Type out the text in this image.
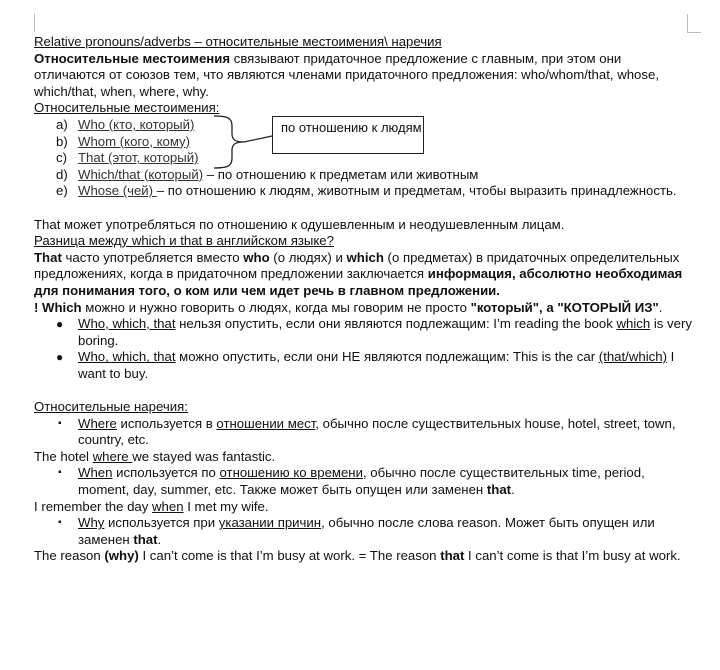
Relative pronouns/adverbs – относительные местоимения\ наречия

Относительные местоимения связывают придаточное предложение с главным, при этом они отличаются от союзов тем, что являются членами придаточного предложения: who/whom/that, whose, which/that, when, where, why.

Относительные местоимения:

a) Who (кто, который)
b) Whom (кого, кому)
c) That (этот, который)
d) Which/that (который) – по отношению к предметам или животным
e) Whose (чей) – по отношению к людям, животным и предметам, чтобы выразить принадлежность.

That может употребляться по отношению к одушевленным и неодушевленным лицам.

Разница между which и that в английском языке?

That часто употребляется вместо who (о людях) и which (о предметах) в придаточных определительных предложениях, когда в придаточном предложении заключается информация, абсолютно необходимая для понимания того, о ком или чем идет речь в главном предложении.

! Which можно и нужно говорить о людях, когда мы говорим не просто "который", а "КОТОРЫЙ ИЗ".

● Who, which, that нельзя опустить, если они являются подлежащим: I’m reading the book which is very boring.
● Who, which, that можно опустить, если они НЕ являются подлежащим: This is the car (that/which) I want to buy.

Относительные наречия:

▪ Where используется в отношении мест, обычно после существительных house, hotel, street, town, country, etc.

The hotel where we stayed was fantastic.

▪ When используется по отношению ко времени, обычно после существительных time, period, moment, day, summer, etc. Также может быть опущен или заменен that.

I remember the day when I met my wife.

▪ Why используется при указании причин, обычно после слова reason. Может быть опущен или заменен that.

The reason (why) I can’t come is that I’m busy at work. = The reason that I can’t come is that I’m busy at work.

по отношению к людям
